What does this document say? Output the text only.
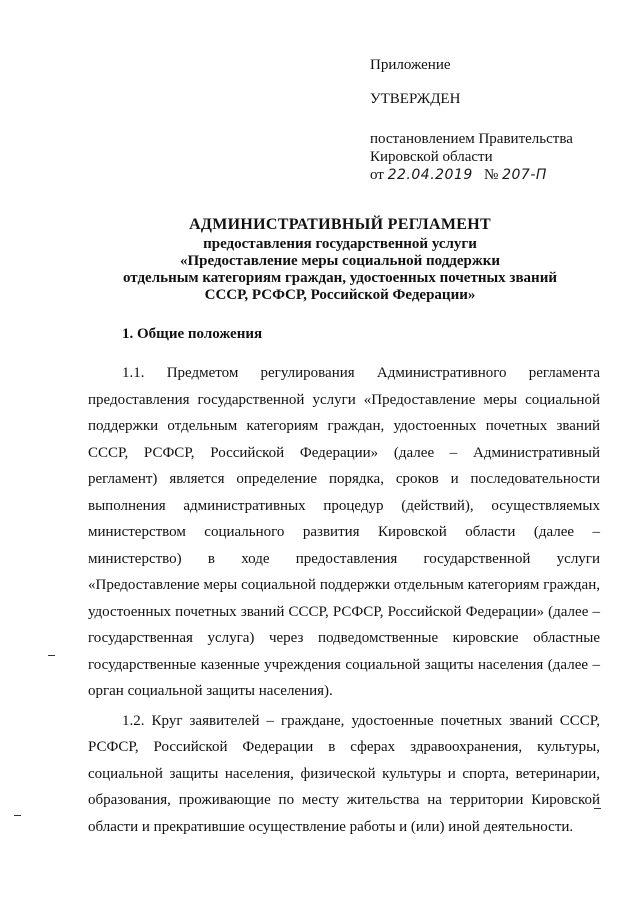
Приложение
УТВЕРЖДЕН
постановлением Правительства
Кировской области
от 22.04.2019 № 207-П
АДМИНИСТРАТИВНЫЙ РЕГЛАМЕНТ
предоставления государственной услуги
«Предоставление меры социальной поддержки
отдельным категориям граждан, удостоенных почетных званий
СССР, РСФСР, Российской Федерации»
1. Общие положения

1.1. Предметом регулирования Административного регламента предоставления государственной услуги «Предоставление меры социальной поддержки отдельным категориям граждан, удостоенных почетных званий СССР, РСФСР, Российской Федерации» (далее – Административный регламент) является определение порядка, сроков и последовательности выполнения административных процедур (действий), осуществляемых министерством социального развития Кировской области (далее – министерство) в ходе предоставления государственной услуги «Предоставление меры социальной поддержки отдельным категориям граждан, удостоенных почетных званий СССР, РСФСР, Российской Федерации» (далее – государственная услуга) через подведомственные кировские областные государственные казенные учреждения социальной защиты населения (далее – орган социальной защиты населения).

1.2. Круг заявителей – граждане, удостоенные почетных званий СССР, РСФСР, Российской Федерации в сферах здравоохранения, культуры, социальной защиты населения, физической культуры и спорта, ветеринарии, образования, проживающие по месту жительства на территории Кировской области и прекратившие осуществление работы и (или) иной деятельности.
